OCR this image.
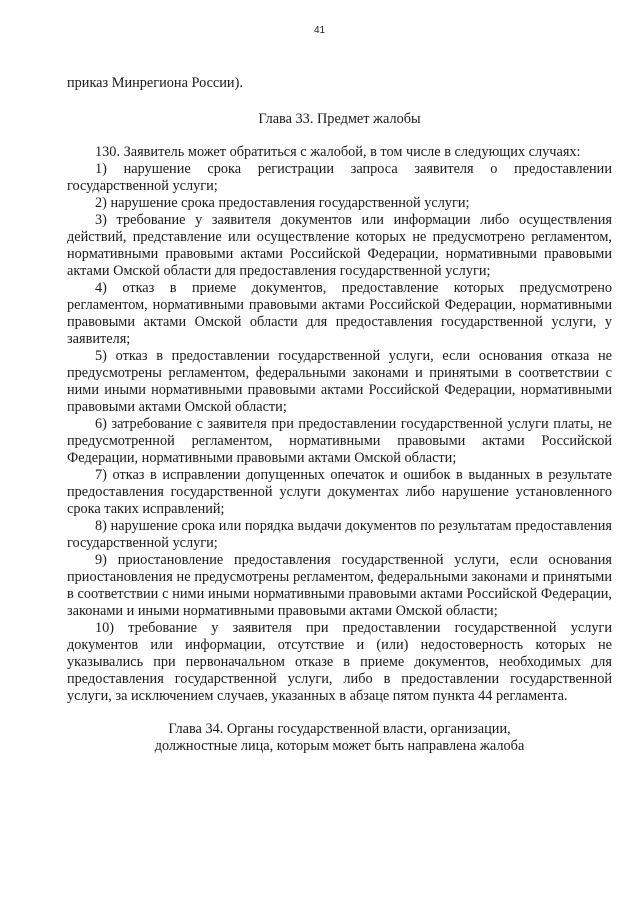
41

приказ Минрегиона России).

Глава 33. Предмет жалобы

130. Заявитель может обратиться с жалобой, в том числе в следующих случаях:

1) нарушение срока регистрации запроса заявителя о предоставлении государственной услуги;

2) нарушение срока предоставления государственной услуги;

3) требование у заявителя документов или информации либо осуществления действий, представление или осуществление которых не предусмотрено регламентом, нормативными правовыми актами Российской Федерации, нормативными правовыми актами Омской области для предоставления государственной услуги;

4) отказ в приеме документов, предоставление которых предусмотрено регламентом, нормативными правовыми актами Российской Федерации, нормативными правовыми актами Омской области для предоставления государственной услуги, у заявителя;

5) отказ в предоставлении государственной услуги, если основания отказа не предусмотрены регламентом, федеральными законами и принятыми в соответствии с ними иными нормативными правовыми актами Российской Федерации, нормативными правовыми актами Омской области;

6) затребование с заявителя при предоставлении государственной услуги платы, не предусмотренной регламентом, нормативными правовыми актами Российской Федерации, нормативными правовыми актами Омской области;

7) отказ в исправлении допущенных опечаток и ошибок в выданных в результате предоставления государственной услуги документах либо нарушение установленного срока таких исправлений;

8) нарушение срока или порядка выдачи документов по результатам предоставления государственной услуги;

9) приостановление предоставления государственной услуги, если основания приостановления не предусмотрены регламентом, федеральными законами и принятыми в соответствии с ними иными нормативными правовыми актами Российской Федерации, законами и иными нормативными правовыми актами Омской области;

10) требование у заявителя при предоставлении государственной услуги документов или информации, отсутствие и (или) недостоверность которых не указывались при первоначальном отказе в приеме документов, необходимых для предоставления государственной услуги, либо в предоставлении государственной услуги, за исключением случаев, указанных в абзаце пятом пункта 44 регламента.

Глава 34. Органы государственной власти, организации,
должностные лица, которым может быть направлена жалоба
